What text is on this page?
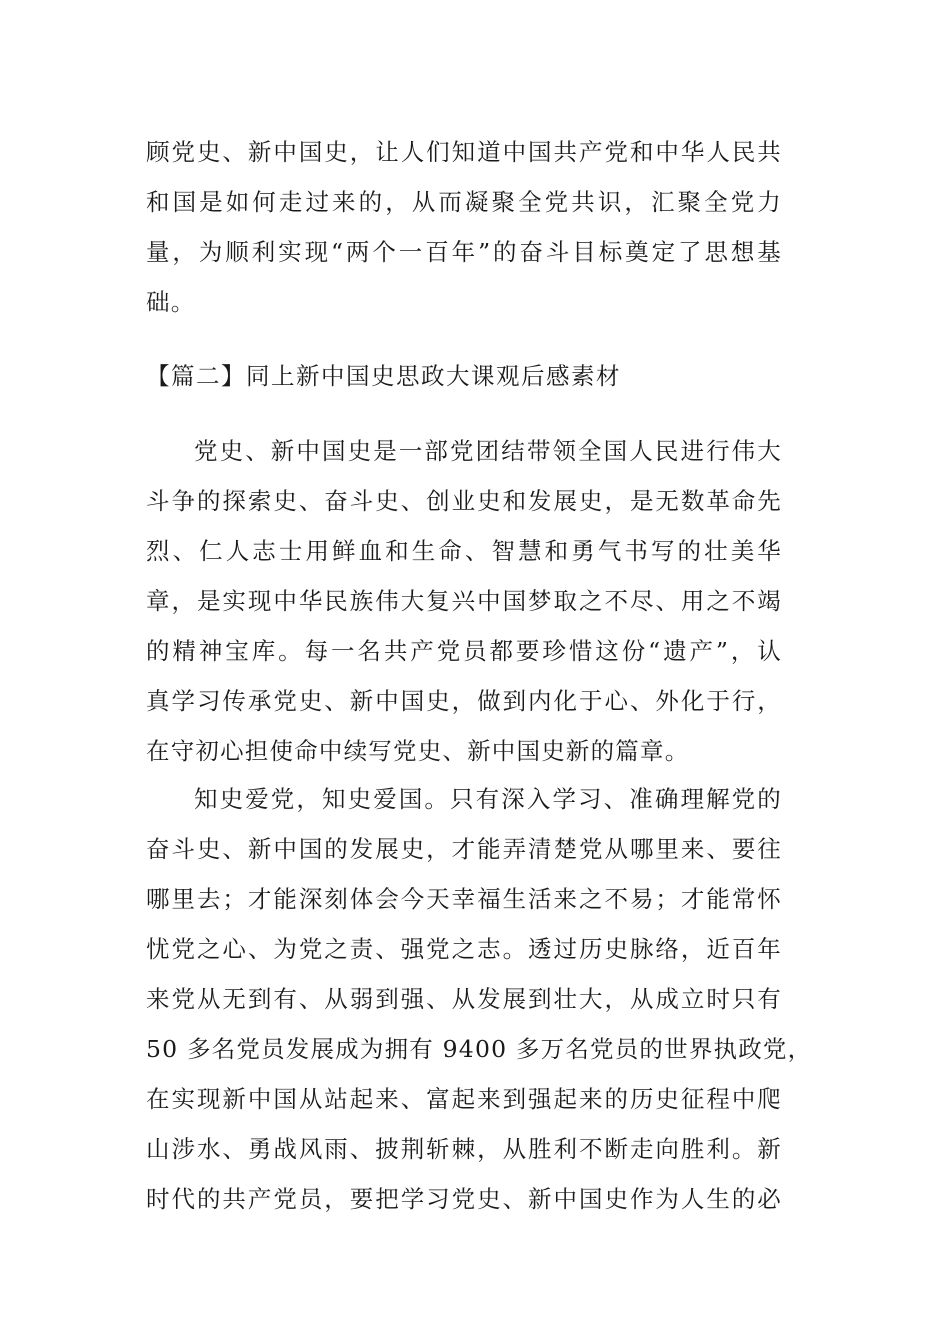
顾党史、新中国史，让人们知道中国共产党和中华人民共
和国是如何走过来的，从而凝聚全党共识，汇聚全党力
量，为顺利实现“两个一百年”的奋斗目标奠定了思想基
础。
【篇二】同上新中国史思政大课观后感素材
党史、新中国史是一部党团结带领全国人民进行伟大
斗争的探索史、奋斗史、创业史和发展史，是无数革命先
烈、仁人志士用鲜血和生命、智慧和勇气书写的壮美华
章，是实现中华民族伟大复兴中国梦取之不尽、用之不竭
的精神宝库。每一名共产党员都要珍惜这份“遗产”，认
真学习传承党史、新中国史，做到内化于心、外化于行，
在守初心担使命中续写党史、新中国史新的篇章。
知史爱党，知史爱国。只有深入学习、准确理解党的
奋斗史、新中国的发展史，才能弄清楚党从哪里来、要往
哪里去；才能深刻体会今天幸福生活来之不易；才能常怀
忧党之心、为党之责、强党之志。透过历史脉络，近百年
来党从无到有、从弱到强、从发展到壮大，从成立时只有
50 多名党员发展成为拥有 9400 多万名党员的世界执政党，
在实现新中国从站起来、富起来到强起来的历史征程中爬
山涉水、勇战风雨、披荆斩棘，从胜利不断走向胜利。新
时代的共产党员，要把学习党史、新中国史作为人生的必
